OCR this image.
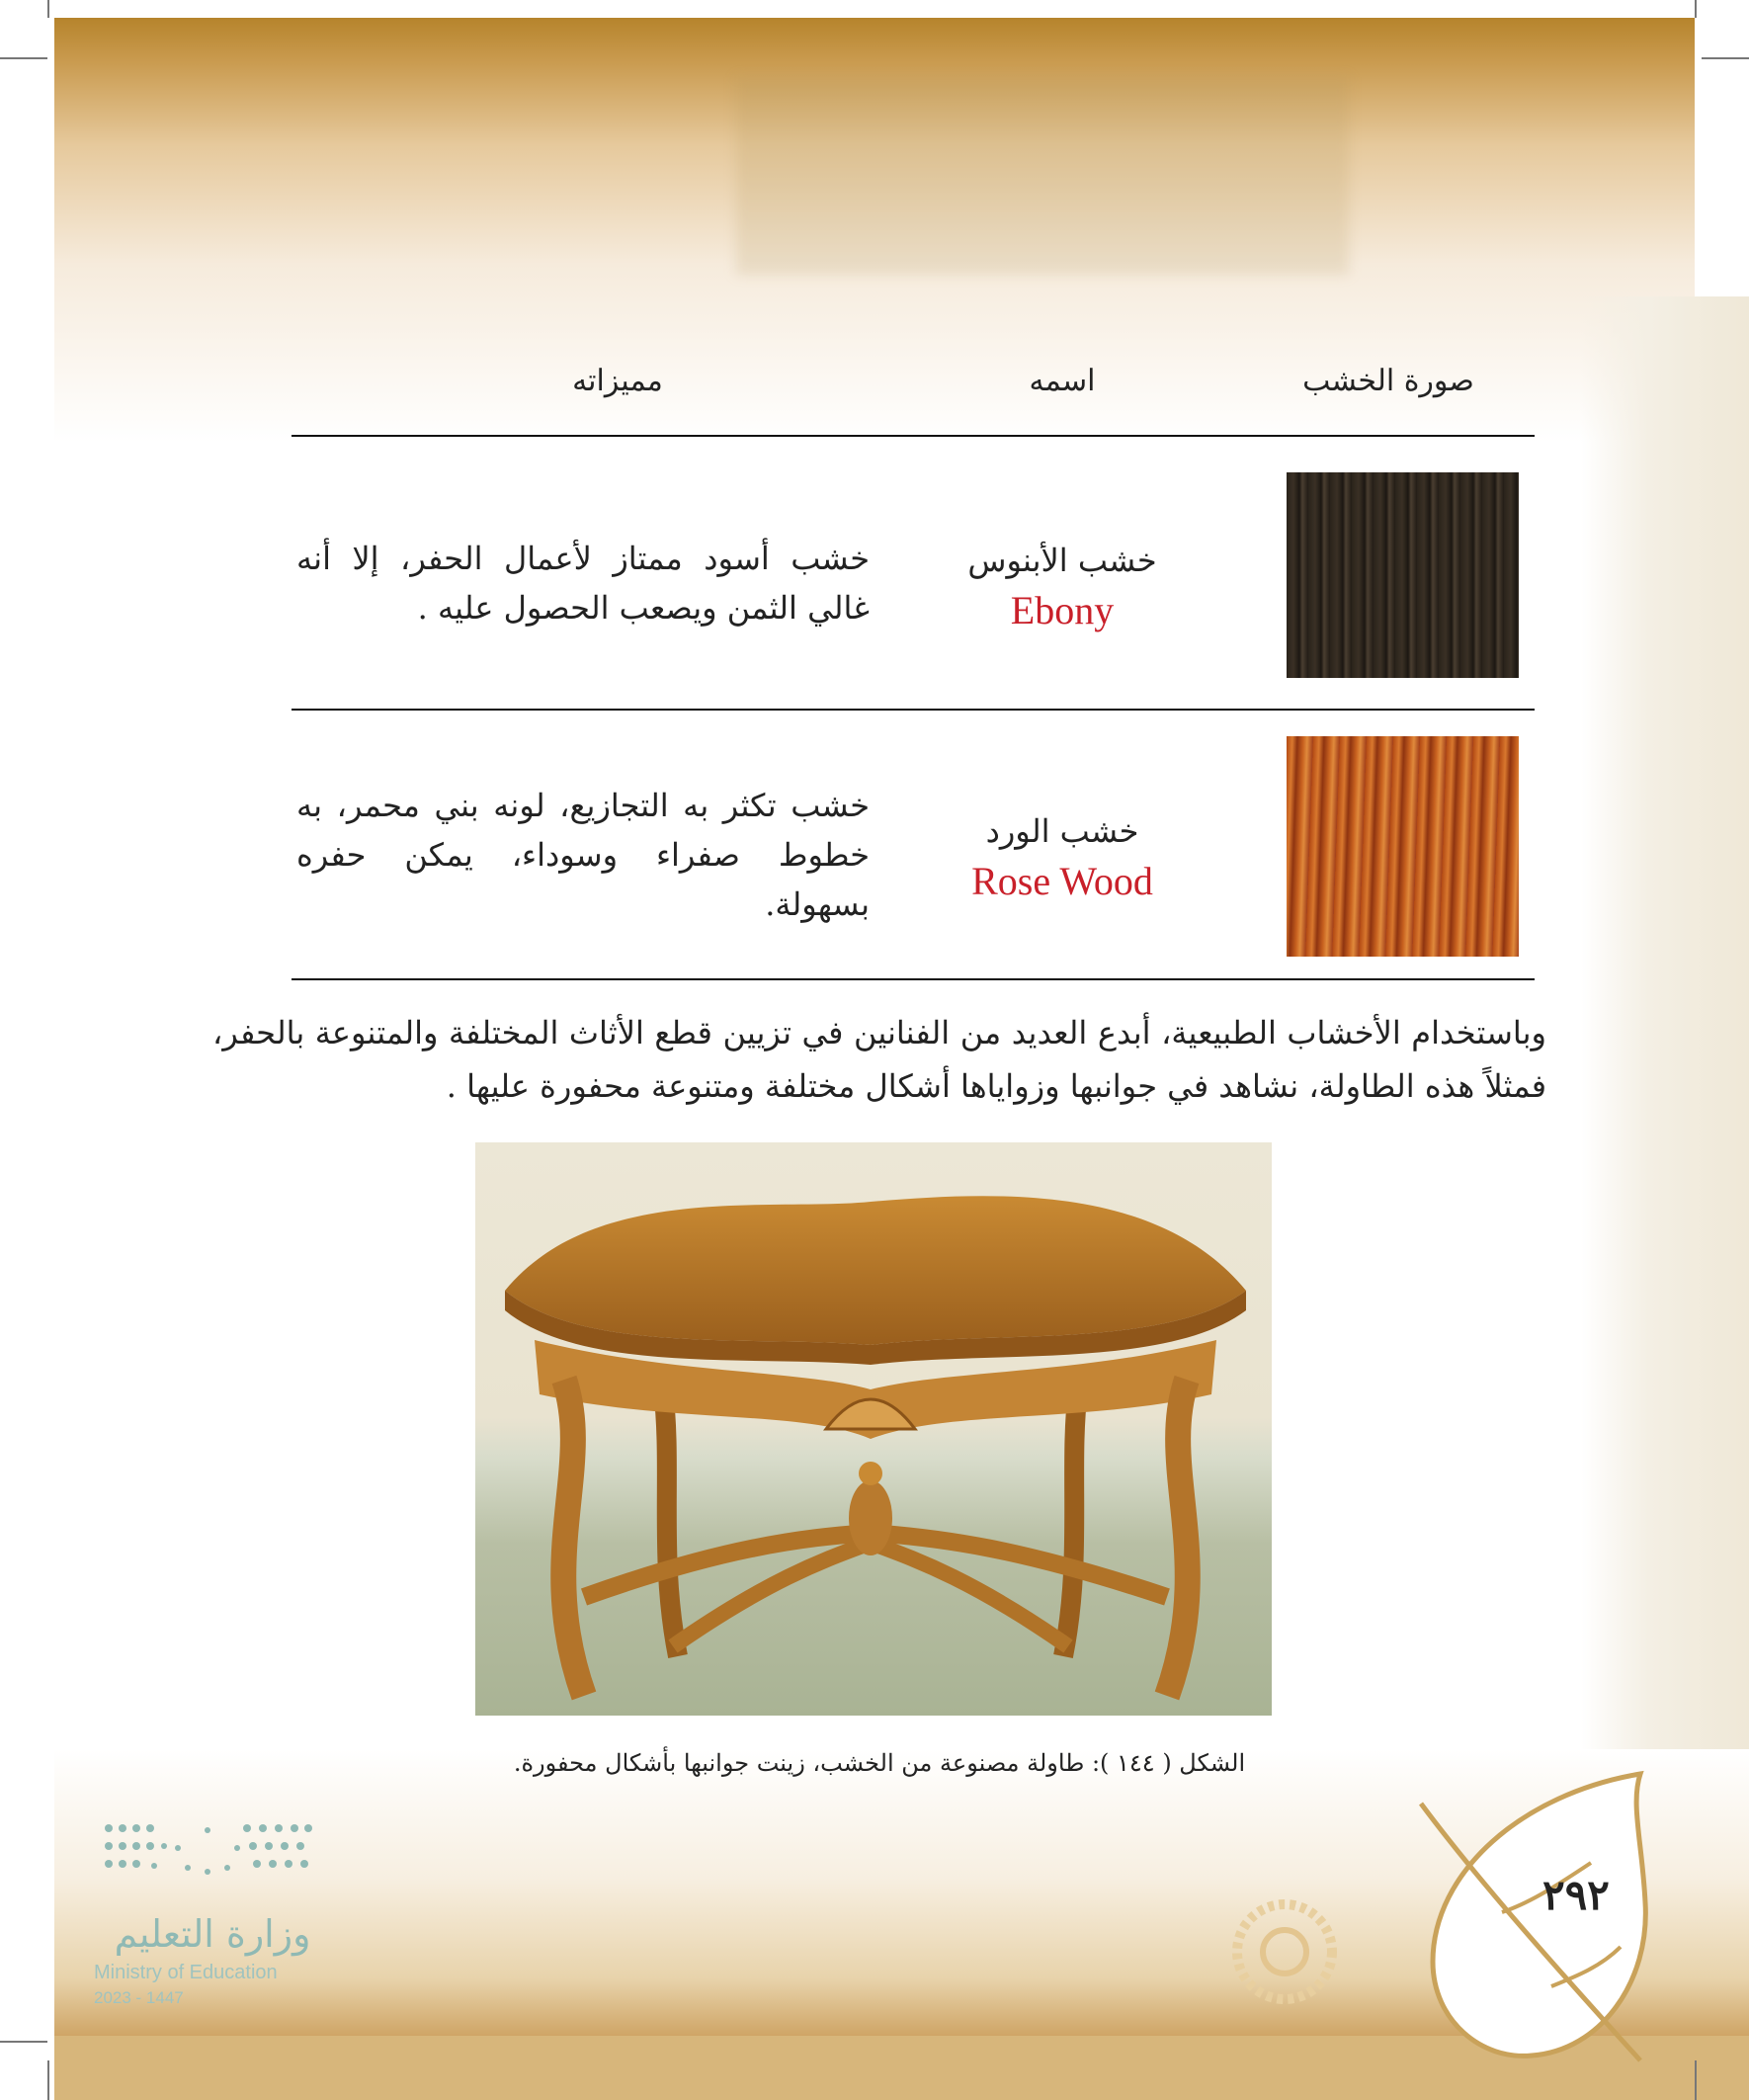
صورة الخشب
اسمه
مميزاته
خشب الأبنوس
Ebony
خشب أسود ممتاز لأعمال الحفر، إلا أنه غالي الثمن ويصعب الحصول عليه .
خشب الورد
Rose Wood
خشب تكثر به التجازيع، لونه بني محمر، به خطوط صفراء وسوداء، يمكن حفره بسهولة.
وباستخدام الأخشاب الطبيعية، أبدع العديد من الفنانين في تزيين قطع الأثاث المختلفة والمتنوعة بالحفر، فمثلاً هذه الطاولة، نشاهد في جوانبها وزواياها أشكال مختلفة ومتنوعة محفورة عليها .
الشكل ( ١٤٤ ): طاولة مصنوعة من الخشب، زينت جوانبها بأشكال محفورة.
٢٩٢
وزارة التعليم
Ministry of Education
2023 - 1447
